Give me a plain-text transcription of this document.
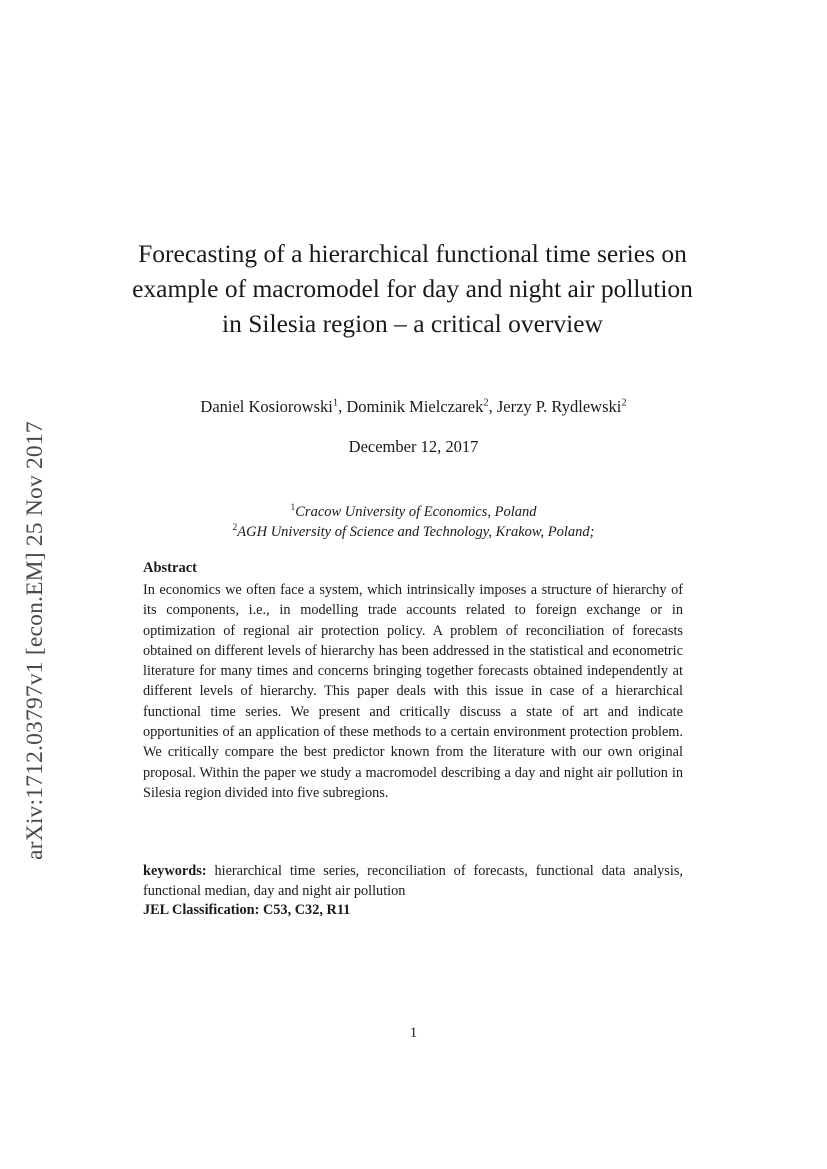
arXiv:1712.03797v1 [econ.EM] 25 Nov 2017
Forecasting of a hierarchical functional time series on example of macromodel for day and night air pollution in Silesia region – a critical overview
Daniel Kosiorowski$^1$, Dominik Mielczarek$^2$, Jerzy P. Rydlewski$^2$
December 12, 2017
$^1$Cracow University of Economics, Poland
$^2$AGH University of Science and Technology, Krakow, Poland;
Abstract

In economics we often face a system, which intrinsically imposes a structure of hierarchy of its components, i.e., in modelling trade accounts related to foreign exchange or in optimization of regional air protection policy. A problem of reconciliation of forecasts obtained on different levels of hierarchy has been addressed in the statistical and econometric literature for many times and concerns bringing together forecasts obtained independently at different levels of hierarchy. This paper deals with this issue in case of a hierarchical functional time series. We present and critically discuss a state of art and indicate opportunities of an application of these methods to a certain environment protection problem. We critically compare the best predictor known from the literature with our own original proposal. Within the paper we study a macromodel describing a day and night air pollution in Silesia region divided into five subregions.

keywords: hierarchical time series, reconciliation of forecasts, functional data analysis, functional median, day and night air pollution

JEL Classification: C53, C32, R11
1
